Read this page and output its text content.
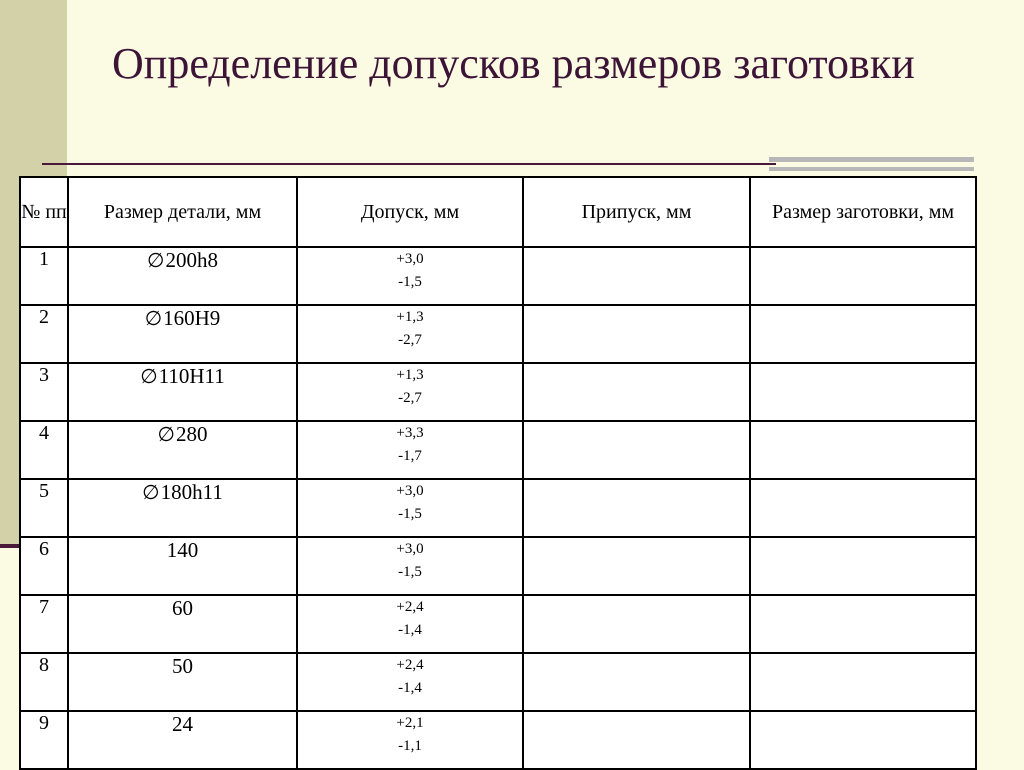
Определение допусков размеров заготовки
№ пп	Размер детали, мм	Допуск, мм	Припуск, мм	Размер заготовки, мм
1	∅200h8	+3,0
-1,5		

2	∅160H9	+1,3
-2,7		

3	∅110H11	+1,3
-2,7		

4	∅280	+3,3
-1,7		

5	∅180h11	+3,0
-1,5		

6	140	+3,0
-1,5		

7	60	+2,4
-1,4		

8	50	+2,4
-1,4		

9	24	+2,1
-1,1		
